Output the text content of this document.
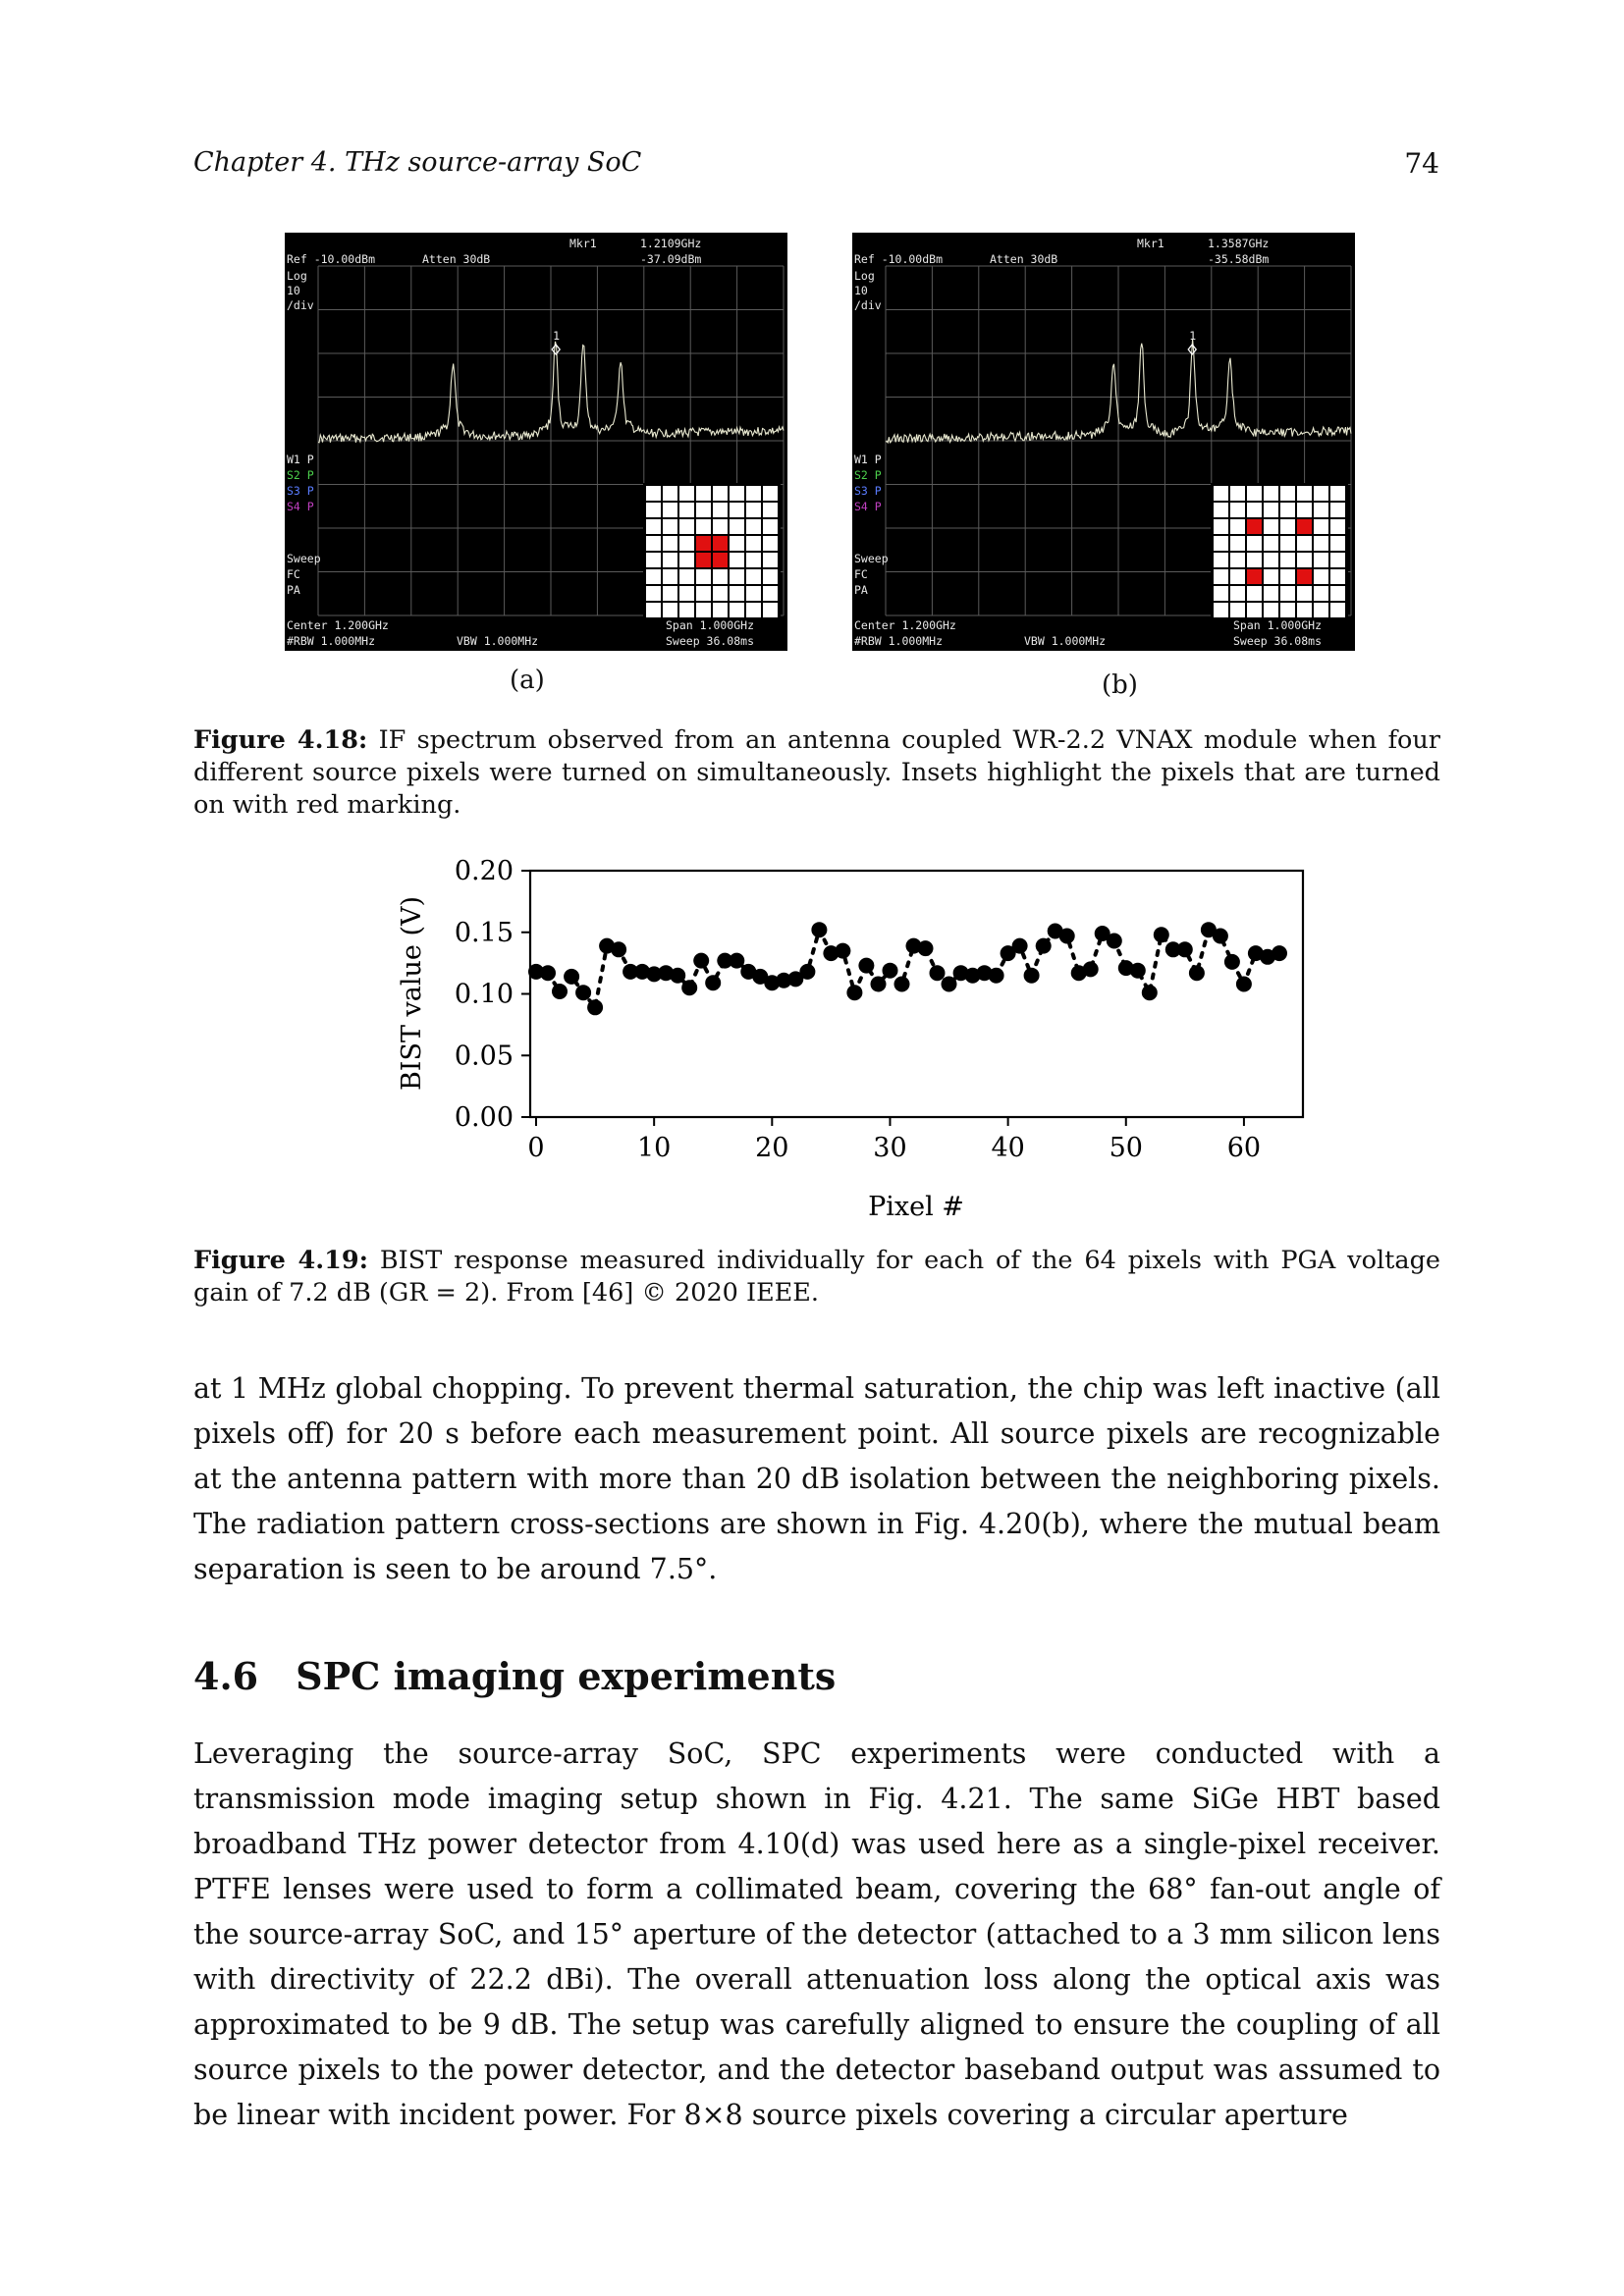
Chapter 4. THz source-array SoC	74
Ref -10.00dBm	Atten 30dB
Mkr1	1.2109GHz
-37.09dBm
Log
10
/div
W1 P
S2 P
S3 P
S4 P
Sweep
FC
PA
Center 1.200GHz
#RBW 1.000MHz	VBW 1.000MHz
Span 1.000GHz
Sweep 36.08ms
1
(a)
Ref -10.00dBm	Atten 30dB
Mkr1	1.3587GHz
-35.58dBm
Log
10
/div
W1 P
S2 P
S3 P
S4 P
Sweep
FC
PA
Center 1.200GHz
#RBW 1.000MHz	VBW 1.000MHz
Span 1.000GHz
Sweep 36.08ms
1
(b)
Figure 4.18: IF spectrum observed from an antenna coupled WR-2.2 VNAX module when four different source pixels were turned on simultaneously. Insets highlight the pixels that are turned on with red marking.
0	10	20	30	40	50	60
0.00
0.05
0.10
0.15
0.20
Pixel #
BIST value (V)
Figure 4.19: BIST response measured individually for each of the 64 pixels with PGA voltage gain of 7.2 dB (GR = 2). From [46] © 2020 IEEE.
at 1 MHz global chopping. To prevent thermal saturation, the chip was left inactive (all pixels off) for 20 s before each measurement point. All source pixels are recognizable at the antenna pattern with more than 20 dB isolation between the neighboring pixels. The radiation pattern cross-sections are shown in Fig. 4.20(b), where the mutual beam separation is seen to be around 7.5°.
4.6 SPC imaging experiments
Leveraging the source-array SoC, SPC experiments were conducted with a transmission mode imaging setup shown in Fig. 4.21. The same SiGe HBT based broadband THz power detector from 4.10(d) was used here as a single-pixel receiver. PTFE lenses were used to form a collimated beam, covering the 68° fan-out angle of the source-array SoC, and 15° aperture of the detector (attached to a 3 mm silicon lens with directivity of 22.2 dBi). The overall attenuation loss along the optical axis was approximated to be 9 dB. The setup was carefully aligned to ensure the coupling of all source pixels to the power detector, and the detector baseband output was assumed to be linear with incident power. For 8×8 source pixels covering a circular aperture
